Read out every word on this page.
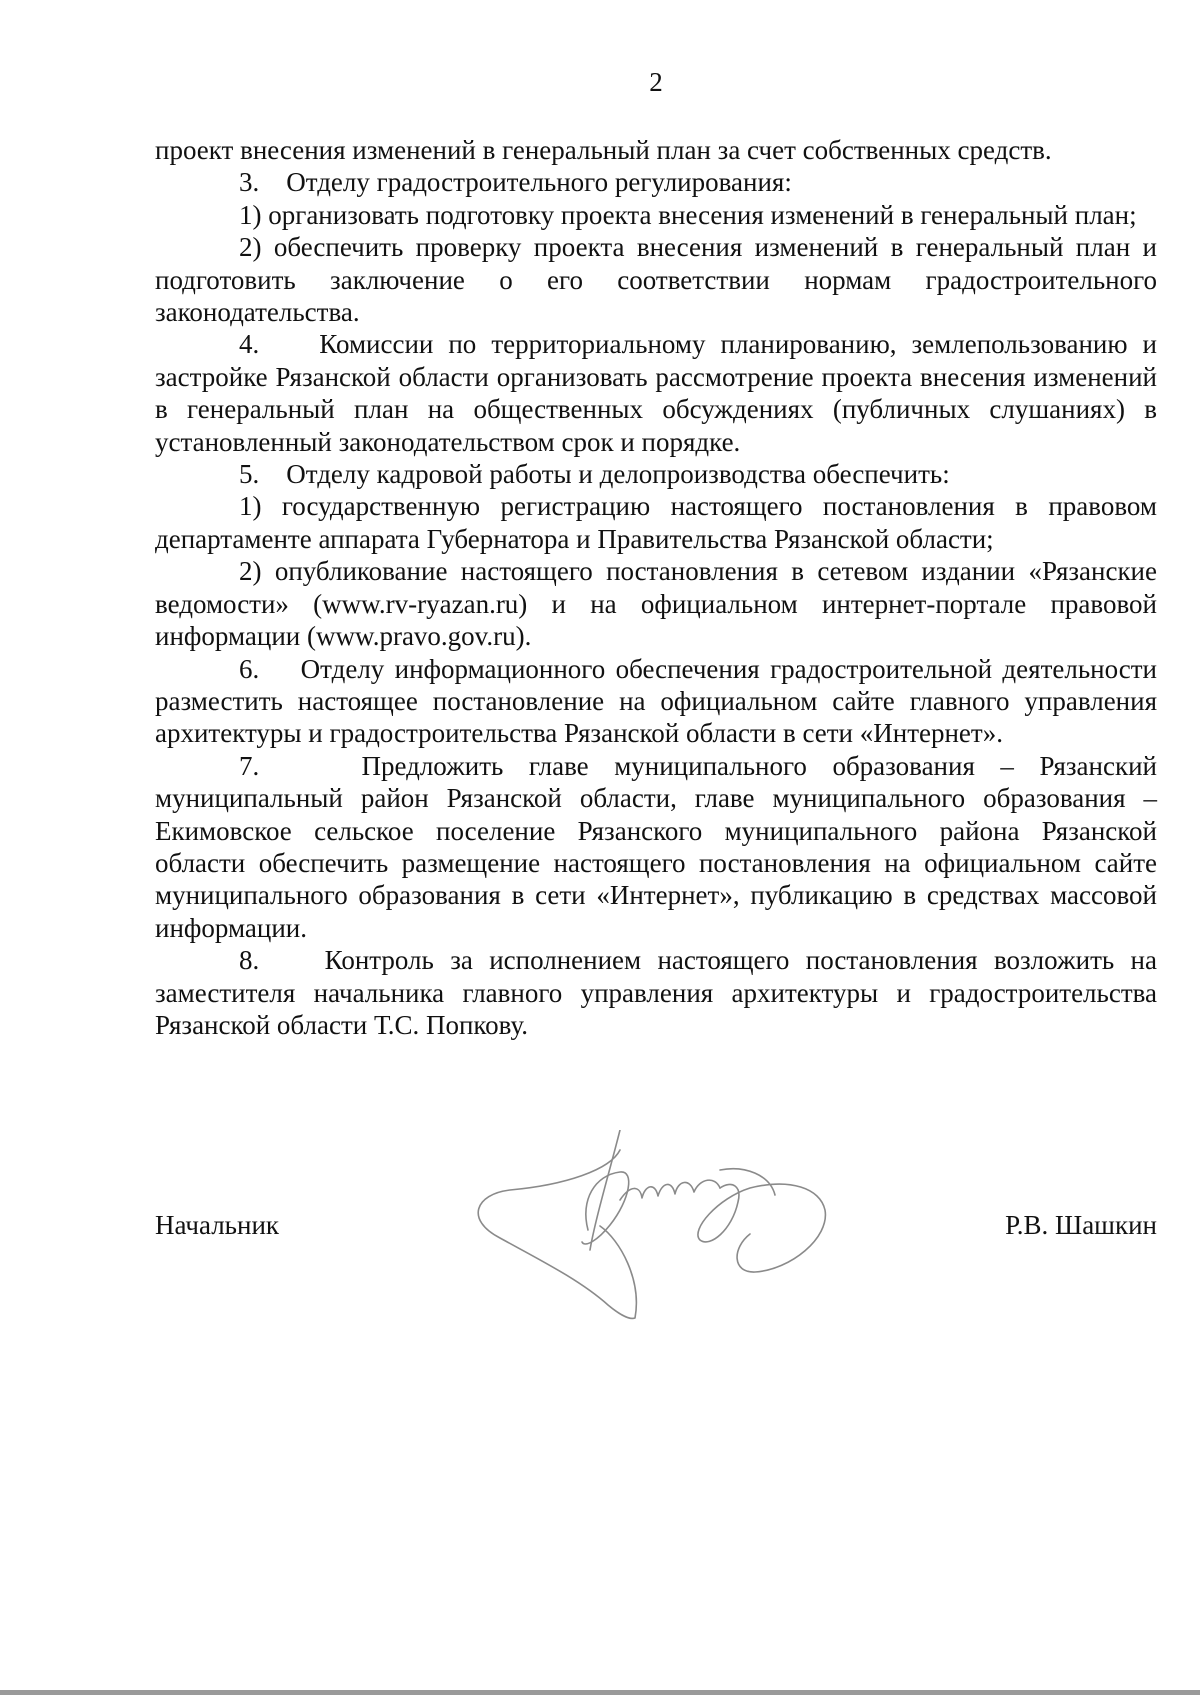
2

проект внесения изменений в генеральный план за счет собственных средств.

3.    Отделу градостроительного регулирования:

1) организовать подготовку проекта внесения изменений в генеральный план;

2) обеспечить проверку проекта внесения изменений в генеральный план и подготовить заключение о его соответствии нормам градостроительного законодательства.

4.    Комиссии по территориальному планированию, землепользованию и застройке Рязанской области организовать рассмотрение проекта внесения изменений в генеральный план на общественных обсуждениях (публичных слушаниях) в установленный законодательством срок и порядке.

5.    Отделу кадровой работы и делопроизводства обеспечить:

1) государственную регистрацию настоящего постановления в правовом департаменте аппарата Губернатора и Правительства Рязанской области;

2) опубликование настоящего постановления в сетевом издании «Рязанские ведомости» (www.rv-ryazan.ru) и на официальном интернет-портале правовой информации (www.pravo.gov.ru).

6.    Отделу информационного обеспечения градостроительной деятельности разместить настоящее постановление на официальном сайте главного управления архитектуры и градостроительства Рязанской области в сети «Интернет».

7.    Предложить главе муниципального образования – Рязанский муниципальный район Рязанской области, главе муниципального образования – Екимовское сельское поселение Рязанского муниципального района Рязанской области обеспечить размещение настоящего постановления на официальном сайте муниципального образования в сети «Интернет», публикацию в средствах массовой информации.

8.    Контроль за исполнением настоящего постановления возложить на заместителя начальника главного управления архитектуры и градостроительства Рязанской области Т.С. Попкову.

Начальник	Р.В. Шашкин
